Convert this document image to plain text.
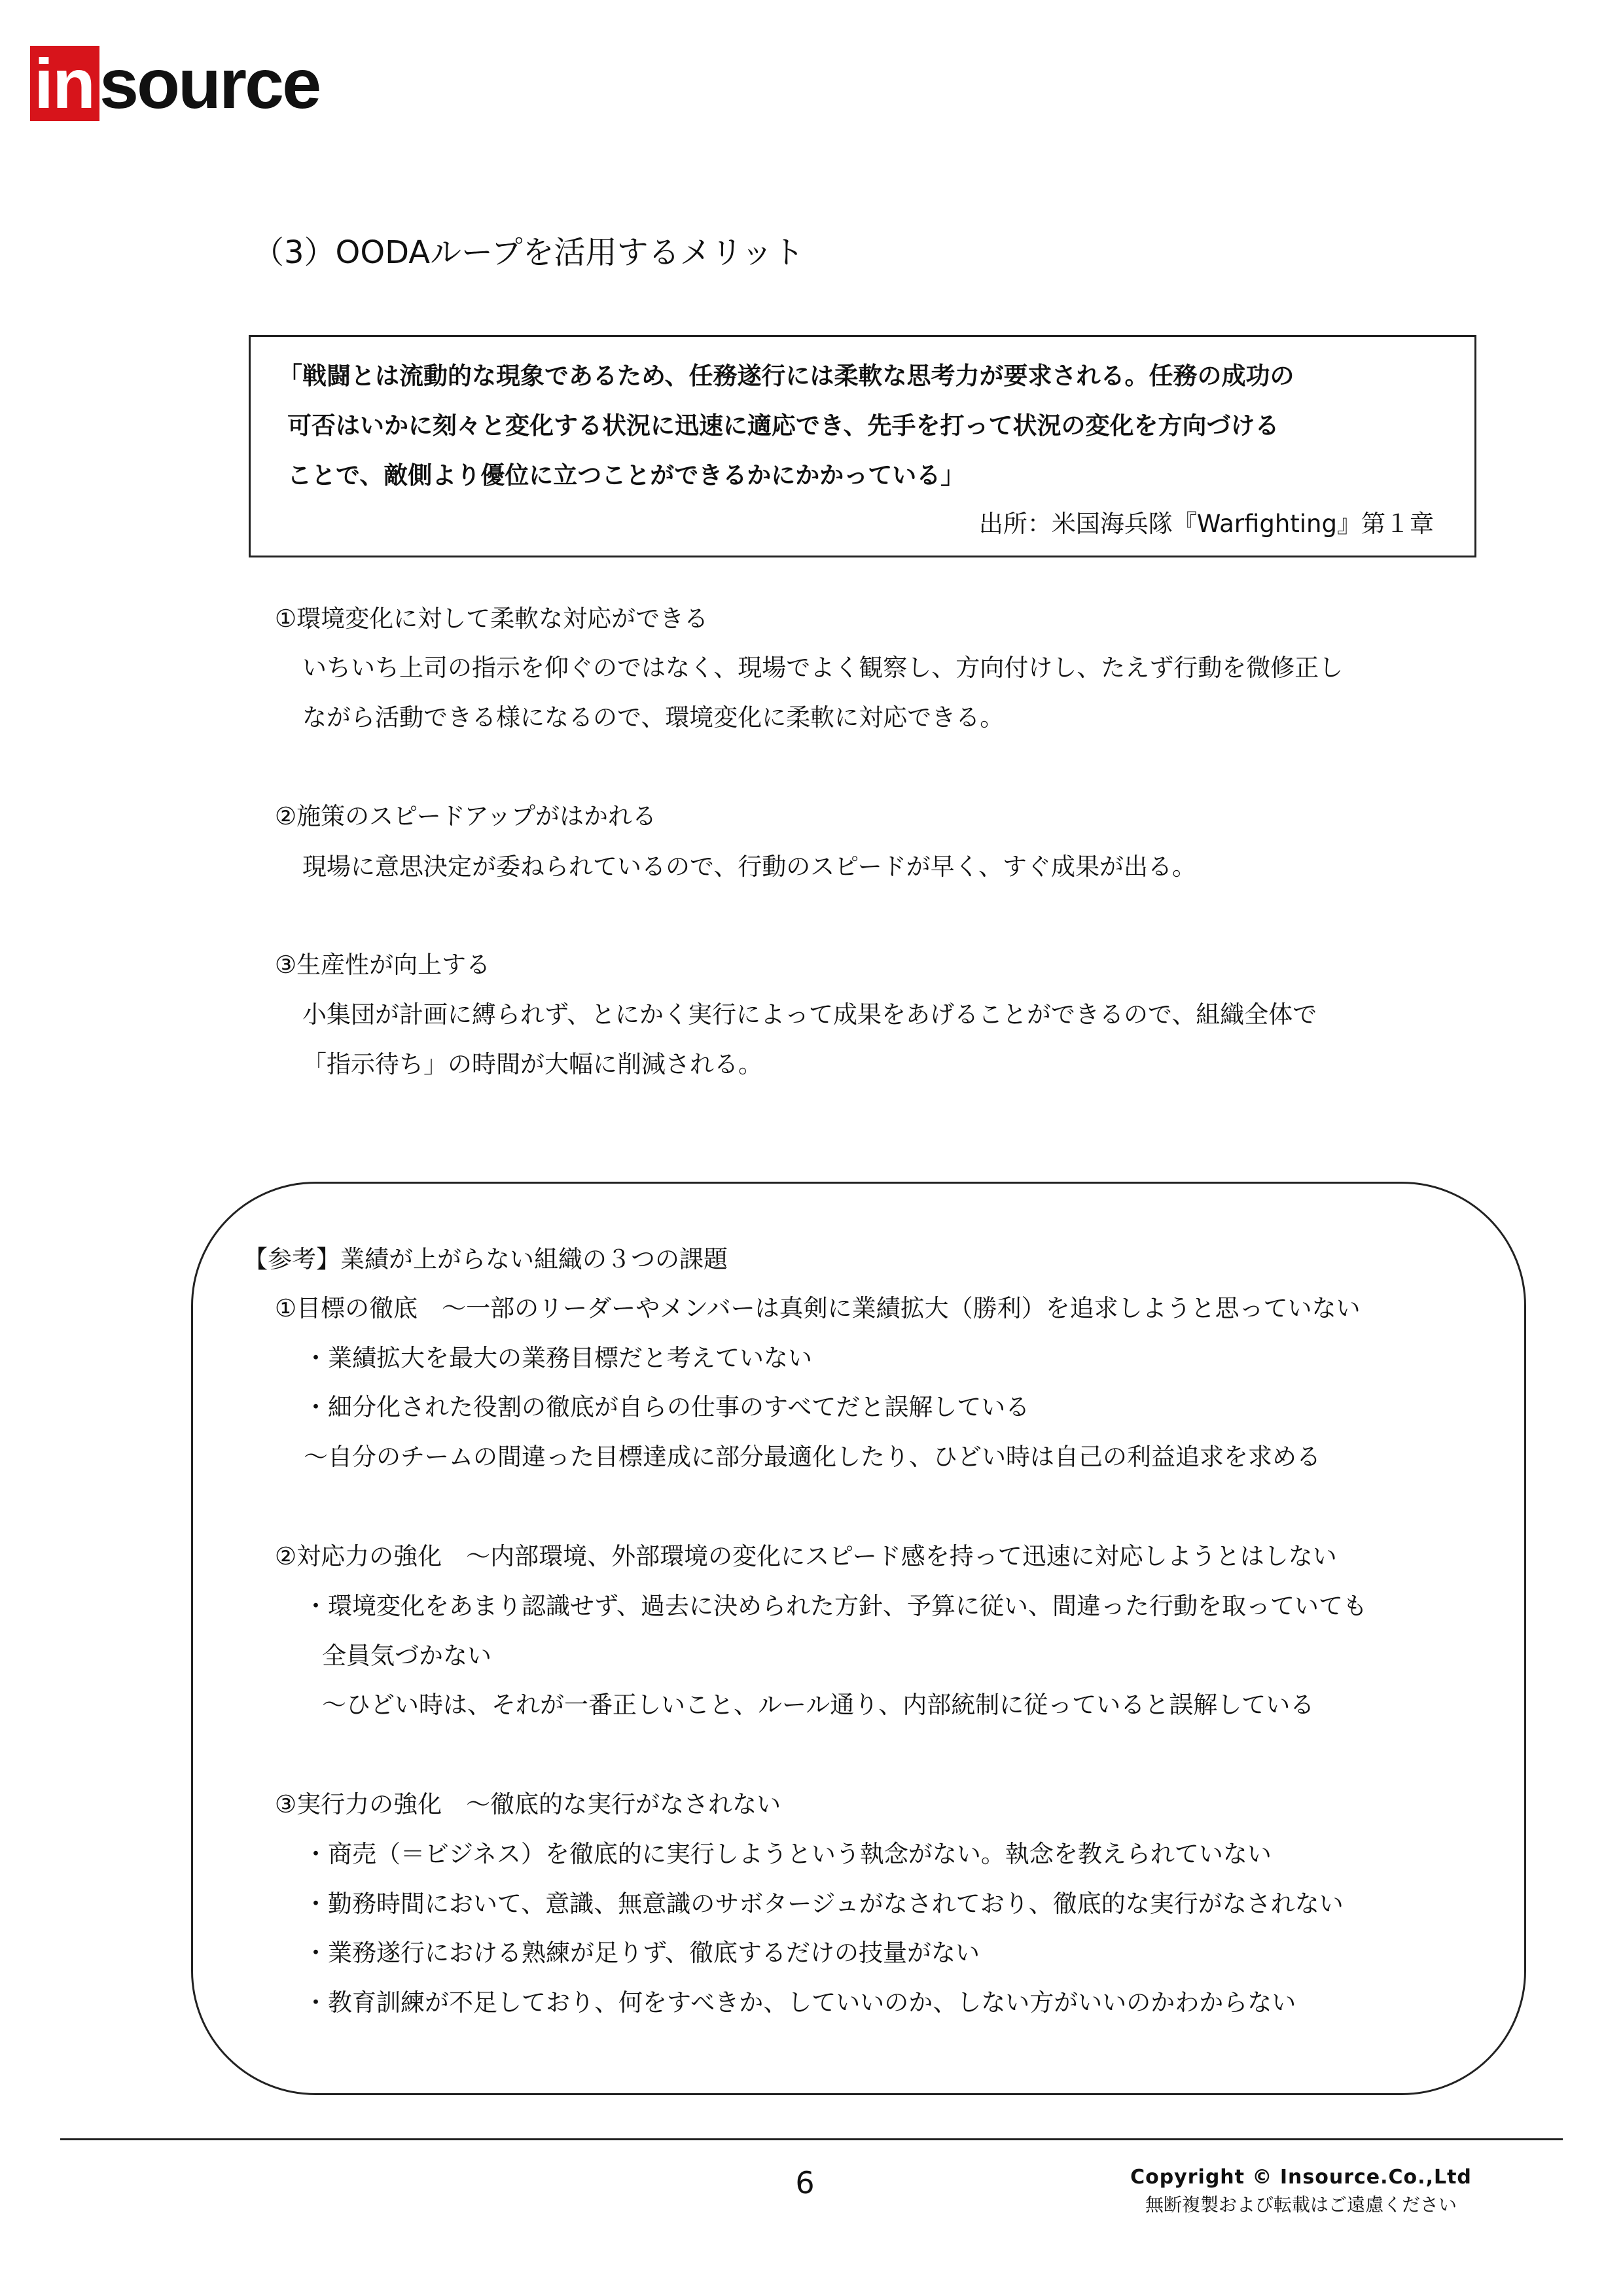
insource
（3）OODAループを活用するメリット
「戦闘とは流動的な現象であるため、任務遂行には柔軟な思考力が要求される。任務の成功の
可否はいかに刻々と変化する状況に迅速に適応でき、先手を打って状況の変化を方向づける
ことで、敵側より優位に立つことができるかにかかっている」
出所：米国海兵隊『Warfighting』第１章
①環境変化に対して柔軟な対応ができる
いちいち上司の指示を仰ぐのではなく、現場でよく観察し、方向付けし、たえず行動を微修正し
ながら活動できる様になるので、環境変化に柔軟に対応できる。
②施策のスピードアップがはかれる
現場に意思決定が委ねられているので、行動のスピードが早く、すぐ成果が出る。
③生産性が向上する
小集団が計画に縛られず、とにかく実行によって成果をあげることができるので、組織全体で
「指示待ち」の時間が大幅に削減される。
【参考】業績が上がらない組織の３つの課題
①目標の徹底　～一部のリーダーやメンバーは真剣に業績拡大（勝利）を追求しようと思っていない
・業績拡大を最大の業務目標だと考えていない
・細分化された役割の徹底が自らの仕事のすべてだと誤解している
～自分のチームの間違った目標達成に部分最適化したり、ひどい時は自己の利益追求を求める
②対応力の強化　～内部環境、外部環境の変化にスピード感を持って迅速に対応しようとはしない
・環境変化をあまり認識せず、過去に決められた方針、予算に従い、間違った行動を取っていても
全員気づかない
～ひどい時は、それが一番正しいこと、ルール通り、内部統制に従っていると誤解している
③実行力の強化　～徹底的な実行がなされない
・商売（＝ビジネス）を徹底的に実行しようという執念がない。執念を教えられていない
・勤務時間において、意識、無意識のサボタージュがなされており、徹底的な実行がなされない
・業務遂行における熟練が足りず、徹底するだけの技量がない
・教育訓練が不足しており、何をすべきか、していいのか、しない方がいいのかわからない
6	Copyright © Insource.Co.,Ltd
無断複製および転載はご遠慮ください
